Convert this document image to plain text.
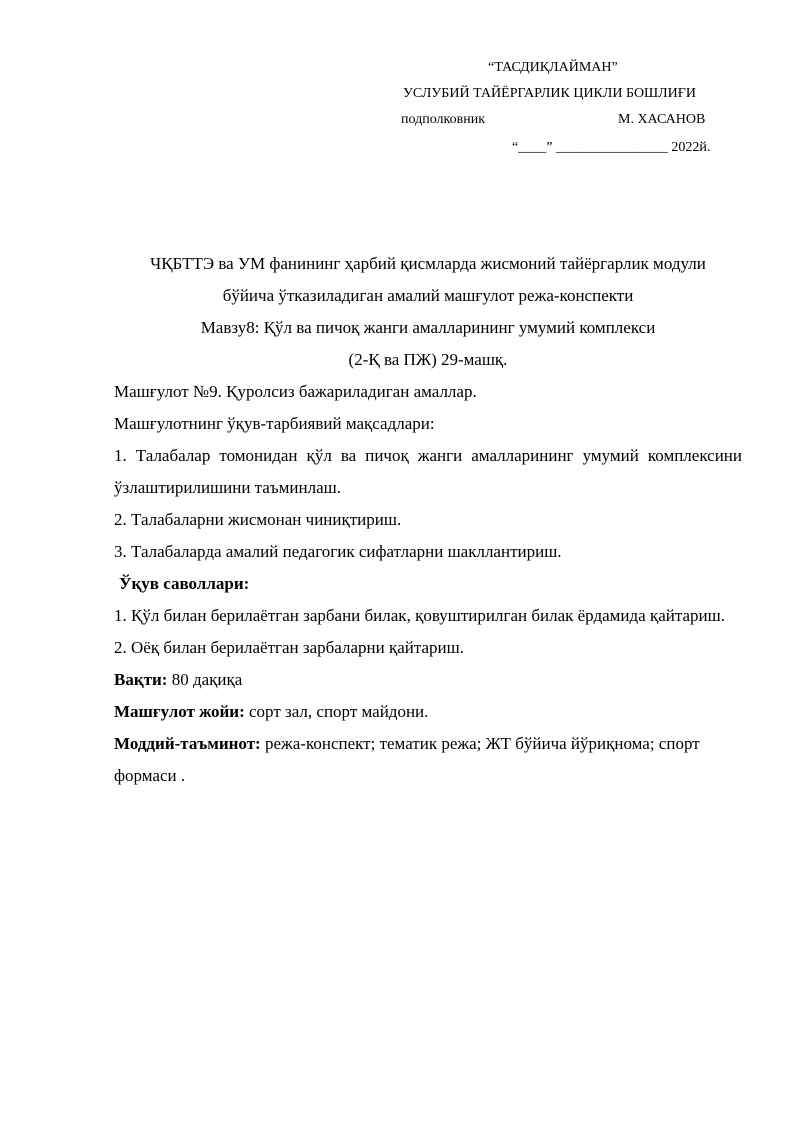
“ТАСДИҚЛАЙМАН”
УСЛУБИЙ ТАЙЁРГАРЛИК ЦИКЛИ БОШЛИҒИ
подполковник	М. ХАСАНОВ
“____” ________________ 2022й.
ЧҚБТТЭ ва УМ фанининг ҳарбий қисмларда жисмоний тайёргарлик модули
бўйича ўтказиладиган амалий машғулот режа-конспекти
Мавзу8: Қўл ва пичоқ жанги амалларининг умумий комплекси
(2-Қ ва ПЖ) 29-машқ.

Машғулот №9. Қуролсиз бажариладиган амаллар.

Машғулотнинг ўқув-тарбиявий мақсадлари:

1. Талабалар томонидан қўл ва пичоқ жанги амалларининг умумий комплексини ўзлаштирилишини таъминлаш.

2. Талабаларни жисмонан чиниқтириш.

3. Талабаларда амалий педагогик сифатларни шакллантириш.

Ўқув саволлари:

1. Қўл билан берилаётган зарбани билак, қовуштирилган билак ёрдамида қайтариш.

2. Оёқ билан берилаётган зарбаларни қайтариш.

Вақти: 80 дақиқа

Машғулот жойи: сорт зал, спорт майдони.

Моддий-таъминот: режа-конспект; тематик режа; ЖТ бўйича йўриқнома; спорт формаси .
